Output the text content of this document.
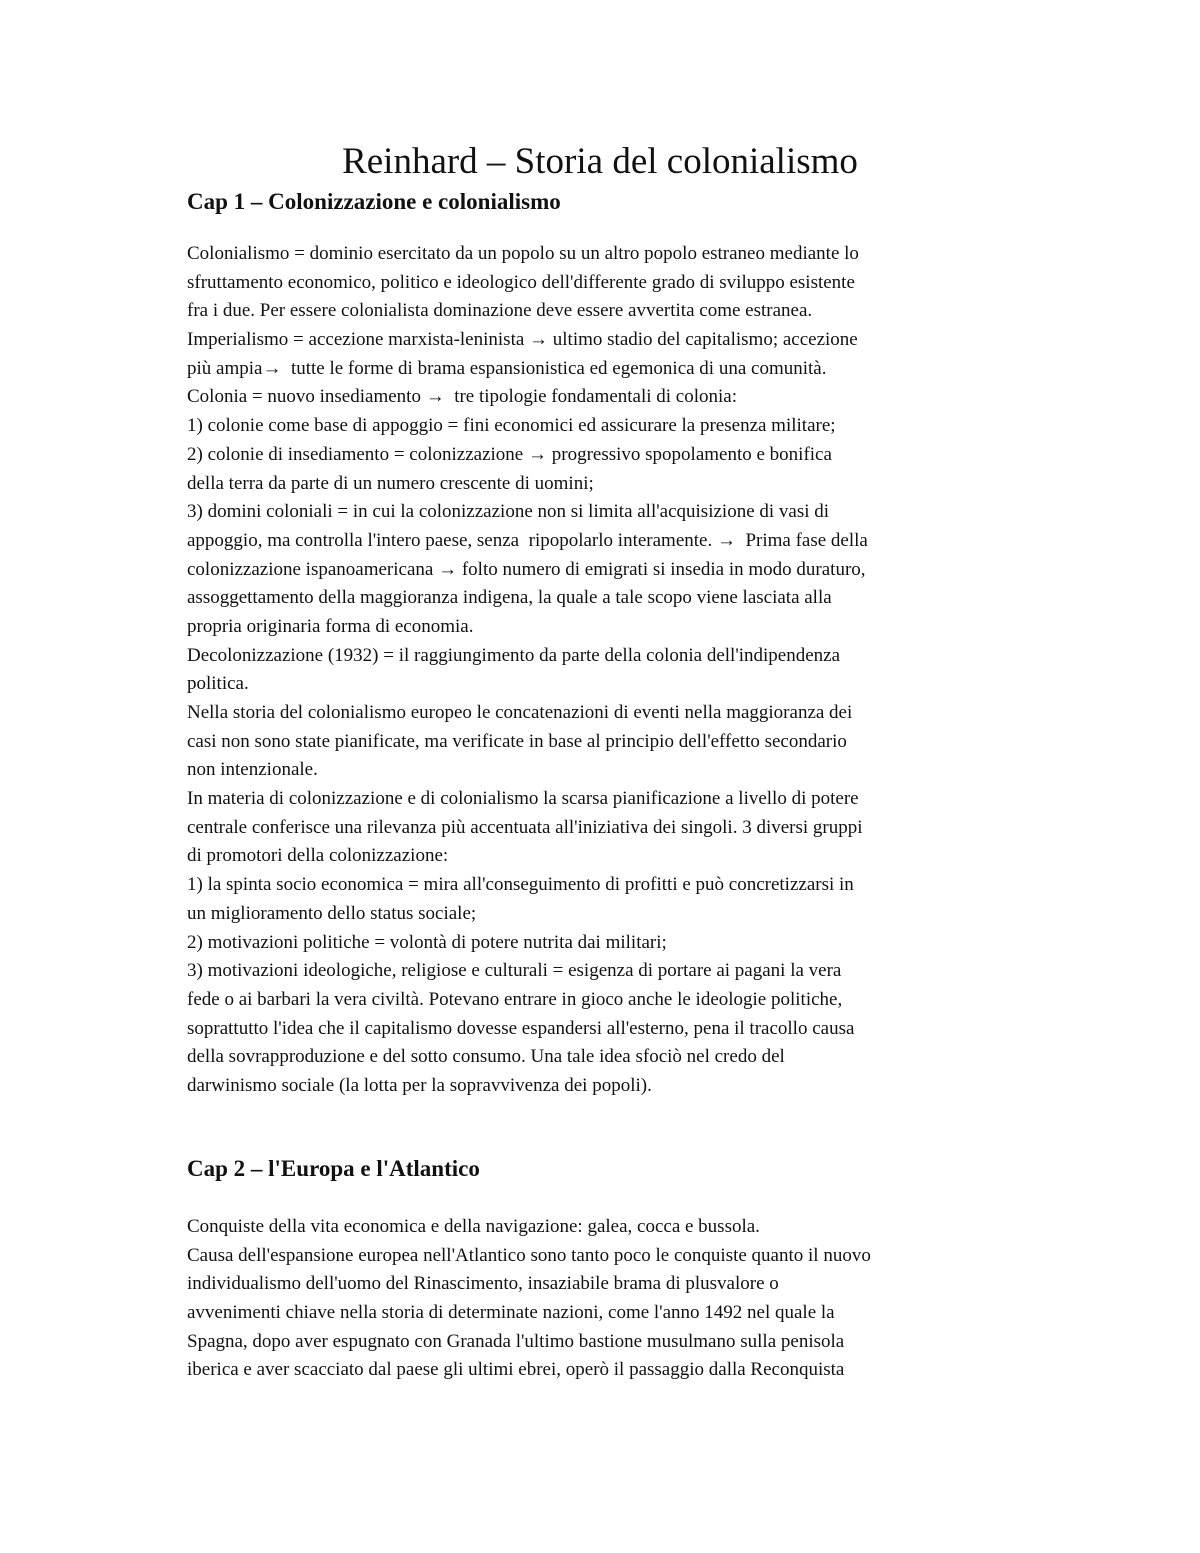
Reinhard – Storia del colonialismo
Cap 1 – Colonizzazione e colonialismo
Colonialismo = dominio esercitato da un popolo su un altro popolo estraneo mediante lo
sfruttamento economico, politico e ideologico dell'differente grado di sviluppo esistente
fra i due. Per essere colonialista dominazione deve essere avvertita come estranea.
Imperialismo = accezione marxista-leninista → ultimo stadio del capitalismo; accezione
più ampia→  tutte le forme di brama espansionistica ed egemonica di una comunità.
Colonia = nuovo insediamento →  tre tipologie fondamentali di colonia:
1) colonie come base di appoggio = fini economici ed assicurare la presenza militare;
2) colonie di insediamento = colonizzazione → progressivo spopolamento e bonifica
della terra da parte di un numero crescente di uomini;
3) domini coloniali = in cui la colonizzazione non si limita all'acquisizione di vasi di
appoggio, ma controlla l'intero paese, senza  ripopolarlo interamente. →  Prima fase della
colonizzazione ispanoamericana → folto numero di emigrati si insedia in modo duraturo,
assoggettamento della maggioranza indigena, la quale a tale scopo viene lasciata alla
propria originaria forma di economia.
Decolonizzazione (1932) = il raggiungimento da parte della colonia dell'indipendenza
politica.
Nella storia del colonialismo europeo le concatenazioni di eventi nella maggioranza dei
casi non sono state pianificate, ma verificate in base al principio dell'effetto secondario
non intenzionale.
In materia di colonizzazione e di colonialismo la scarsa pianificazione a livello di potere
centrale conferisce una rilevanza più accentuata all'iniziativa dei singoli. 3 diversi gruppi
di promotori della colonizzazione:
1) la spinta socio economica = mira all'conseguimento di profitti e può concretizzarsi in
un miglioramento dello status sociale;
2) motivazioni politiche = volontà di potere nutrita dai militari;
3) motivazioni ideologiche, religiose e culturali = esigenza di portare ai pagani la vera
fede o ai barbari la vera civiltà. Potevano entrare in gioco anche le ideologie politiche,
soprattutto l'idea che il capitalismo dovesse espandersi all'esterno, pena il tracollo causa
della sovrapproduzione e del sotto consumo. Una tale idea sfociò nel credo del
darwinismo sociale (la lotta per la sopravvivenza dei popoli).
Cap 2 – l'Europa e l'Atlantico
Conquiste della vita economica e della navigazione: galea, cocca e bussola.
Causa dell'espansione europea nell'Atlantico sono tanto poco le conquiste quanto il nuovo
individualismo dell'uomo del Rinascimento, insaziabile brama di plusvalore o
avvenimenti chiave nella storia di determinate nazioni, come l'anno 1492 nel quale la
Spagna, dopo aver espugnato con Granada l'ultimo bastione musulmano sulla penisola
iberica e aver scacciato dal paese gli ultimi ebrei, operò il passaggio dalla Reconquista
